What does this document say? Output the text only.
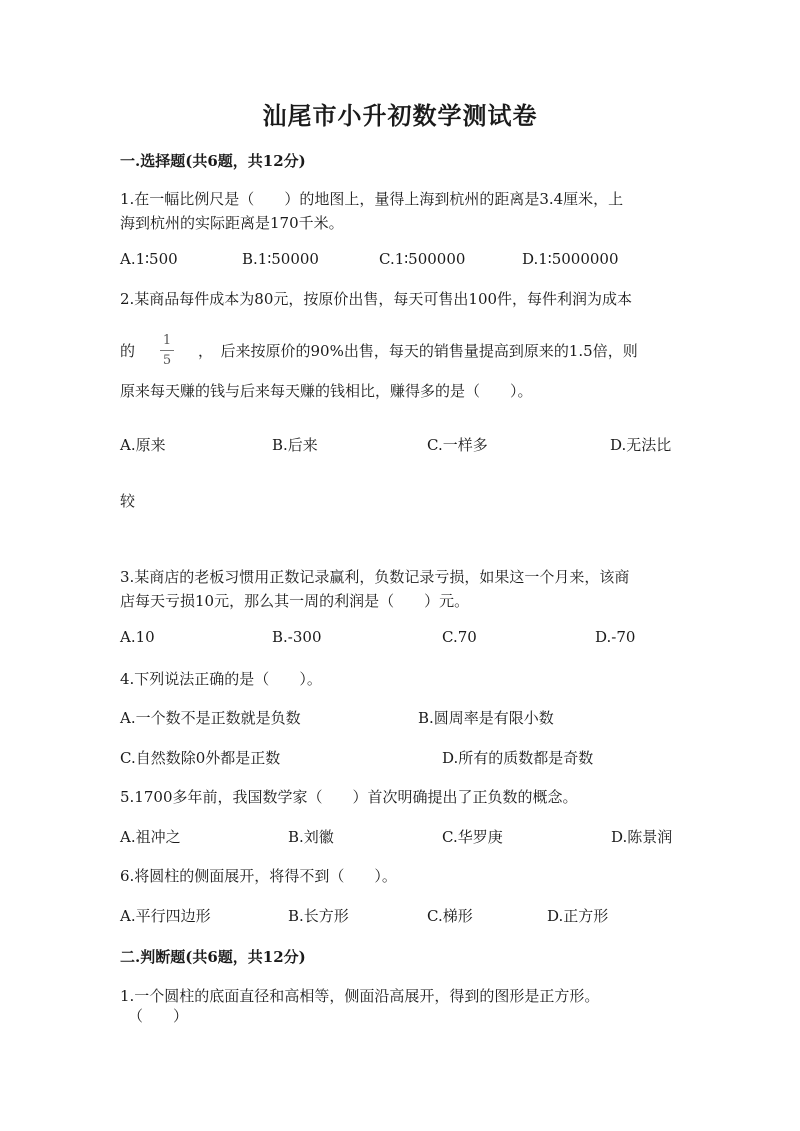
汕尾市小升初数学测试卷
一.选择题(共6题，共12分)
1.在一幅比例尺是（　　）的地图上，量得上海到杭州的距离是3.4厘米，上
海到杭州的实际距离是170千米。
A.1∶500	B.1∶50000	C.1∶500000	D.1∶5000000
2.某商品每件成本为80元，按原价出售，每天可售出100件，每件利润为成本
的
1
5
，　后来按原价的90%出售，每天的销售量提高到原来的1.5倍，则
原来每天赚的钱与后来每天赚的钱相比，赚得多的是（　　）。
A.原来	B.后来	C.一样多	D.无法比
较
3.某商店的老板习惯用正数记录赢利，负数记录亏损，如果这一个月来，该商
店每天亏损10元，那么其一周的利润是（　　）元。
A.10	B.-300	C.70	D.-70
4.下列说法正确的是（　　）。
A.一个数不是正数就是负数	B.圆周率是有限小数
C.自然数除0外都是正数	D.所有的质数都是奇数
5.1700多年前，我国数学家（　　）首次明确提出了正负数的概念。
A.祖冲之	B.刘徽	C.华罗庚	D.陈景润
6.将圆柱的侧面展开，将得不到（　　）。
A.平行四边形	B.长方形	C.梯形	D.正方形
二.判断题(共6题，共12分)
1.一个圆柱的底面直径和高相等，侧面沿高展开，得到的图形是正方形。
（　　）
